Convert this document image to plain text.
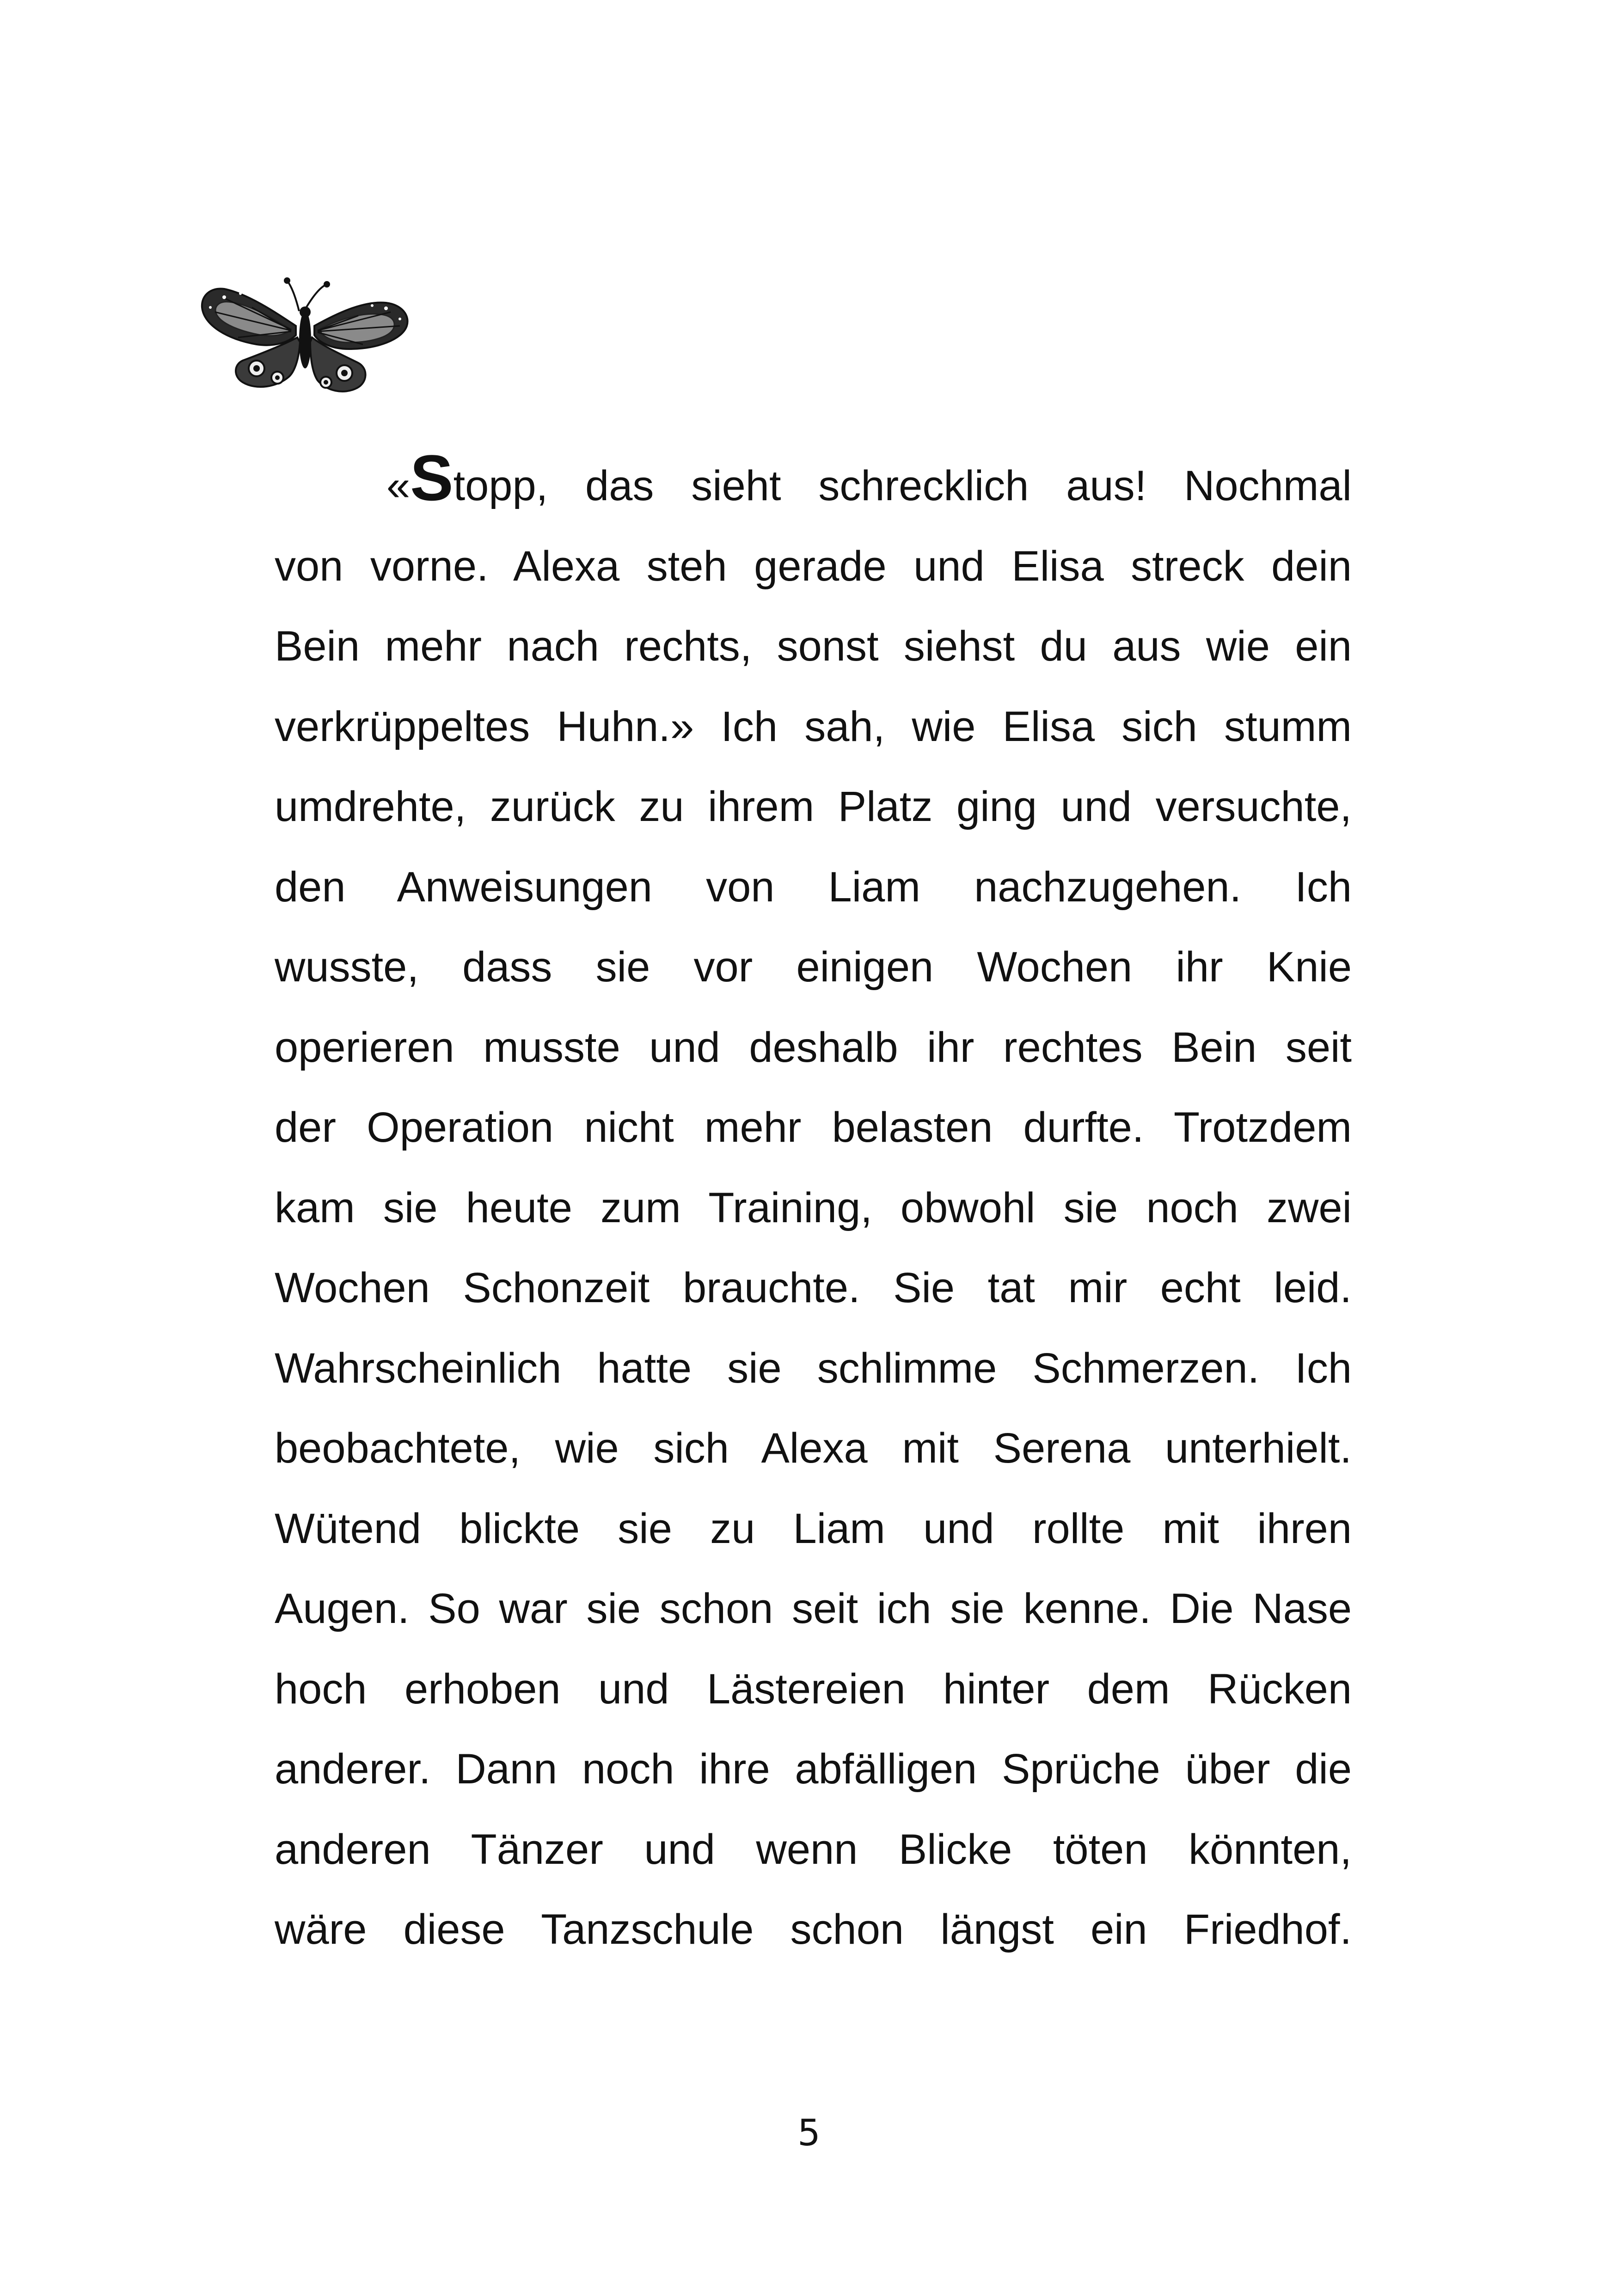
«Stopp, das sieht schrecklich aus! Nochmal
von vorne. Alexa steh gerade und Elisa streck dein
Bein mehr nach rechts, sonst siehst du aus wie ein
verkrüppeltes Huhn.» Ich sah, wie Elisa sich stumm
umdrehte, zurück zu ihrem Platz ging und versuchte,
den Anweisungen von Liam nachzugehen. Ich
wusste, dass sie vor einigen Wochen ihr Knie
operieren musste und deshalb ihr rechtes Bein seit
der Operation nicht mehr belasten durfte. Trotzdem
kam sie heute zum Training, obwohl sie noch zwei
Wochen Schonzeit brauchte. Sie tat mir echt leid.
Wahrscheinlich hatte sie schlimme Schmerzen. Ich
beobachtete, wie sich Alexa mit Serena unterhielt.
Wütend blickte sie zu Liam und rollte mit ihren
Augen. So war sie schon seit ich sie kenne. Die Nase
hoch erhoben und Lästereien hinter dem Rücken
anderer. Dann noch ihre abfälligen Sprüche über die
anderen Tänzer und wenn Blicke töten könnten,
wäre diese Tanzschule schon längst ein Friedhof.
5
